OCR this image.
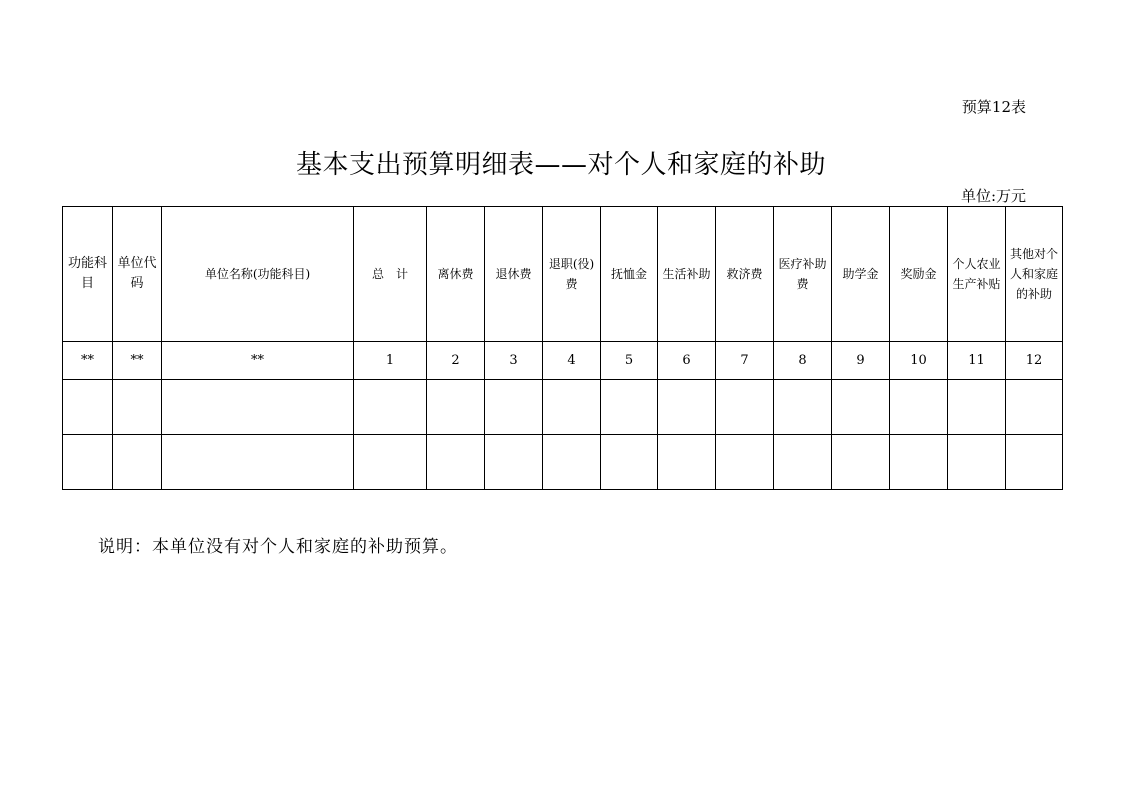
预算12表
基本支出预算明细表——对个人和家庭的补助
单位:万元
功能科目	单位代码	单位名称(功能科目)	总　计	离休费	退休费	退职(役)费	抚恤金	生活补助	救济费	医疗补助费	助学金	奖励金	个人农业生产补贴	其他对个人和家庭的补助
**	**	**	1	2	3	4	5	6	7	8	9	10	11	12

说明：本单位没有对个人和家庭的补助预算。
